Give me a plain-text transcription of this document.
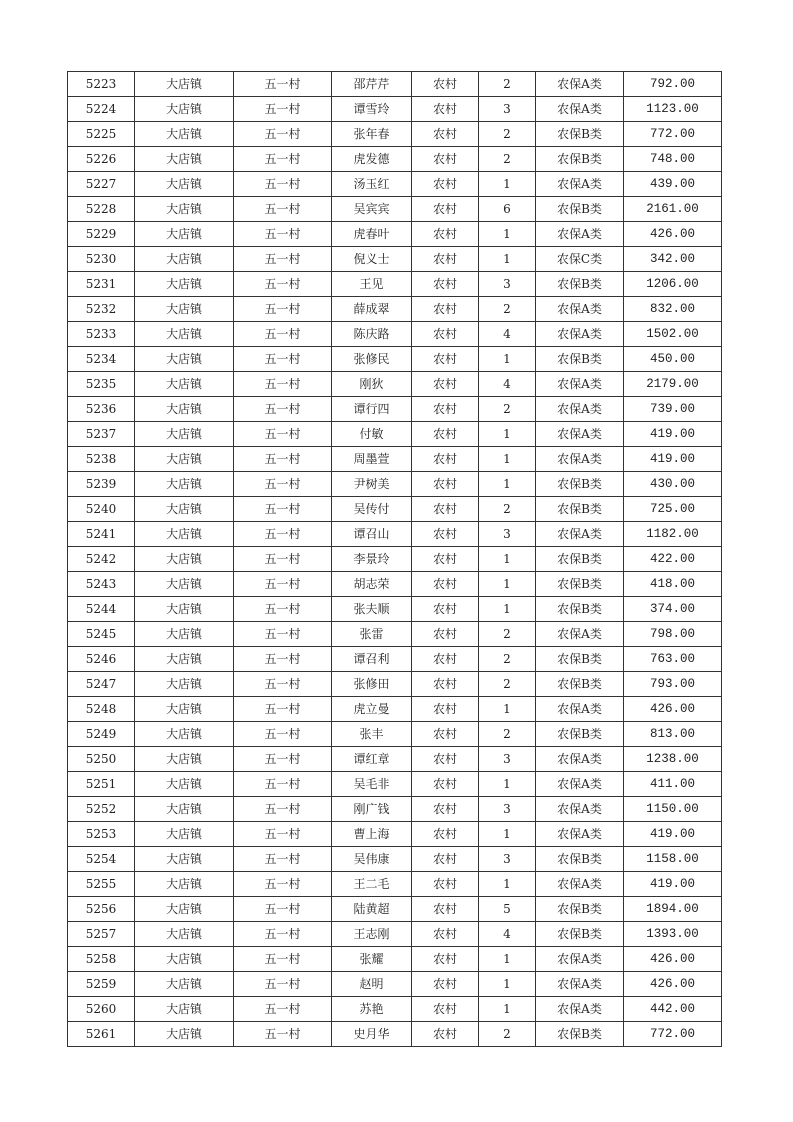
5223	大店镇	五一村	邵芹芹	农村	2	农保A类	792.00
5224	大店镇	五一村	谭雪玲	农村	3	农保A类	1123.00
5225	大店镇	五一村	张年春	农村	2	农保B类	772.00
5226	大店镇	五一村	虎发德	农村	2	农保B类	748.00
5227	大店镇	五一村	汤玉红	农村	1	农保A类	439.00
5228	大店镇	五一村	吴宾宾	农村	6	农保B类	2161.00
5229	大店镇	五一村	虎春叶	农村	1	农保A类	426.00
5230	大店镇	五一村	倪义士	农村	1	农保C类	342.00
5231	大店镇	五一村	王见	农村	3	农保B类	1206.00
5232	大店镇	五一村	薛成翠	农村	2	农保A类	832.00
5233	大店镇	五一村	陈庆路	农村	4	农保A类	1502.00
5234	大店镇	五一村	张修民	农村	1	农保B类	450.00
5235	大店镇	五一村	刚狄	农村	4	农保A类	2179.00
5236	大店镇	五一村	谭行四	农村	2	农保A类	739.00
5237	大店镇	五一村	付敏	农村	1	农保A类	419.00
5238	大店镇	五一村	周墨萱	农村	1	农保A类	419.00
5239	大店镇	五一村	尹树美	农村	1	农保B类	430.00
5240	大店镇	五一村	吴传付	农村	2	农保B类	725.00
5241	大店镇	五一村	谭召山	农村	3	农保A类	1182.00
5242	大店镇	五一村	李景玲	农村	1	农保B类	422.00
5243	大店镇	五一村	胡志荣	农村	1	农保B类	418.00
5244	大店镇	五一村	张夫顺	农村	1	农保B类	374.00
5245	大店镇	五一村	张雷	农村	2	农保A类	798.00
5246	大店镇	五一村	谭召利	农村	2	农保B类	763.00
5247	大店镇	五一村	张修田	农村	2	农保B类	793.00
5248	大店镇	五一村	虎立曼	农村	1	农保A类	426.00
5249	大店镇	五一村	张丰	农村	2	农保B类	813.00
5250	大店镇	五一村	谭红章	农村	3	农保A类	1238.00
5251	大店镇	五一村	吴毛非	农村	1	农保A类	411.00
5252	大店镇	五一村	刚广钱	农村	3	农保A类	1150.00
5253	大店镇	五一村	曹上海	农村	1	农保A类	419.00
5254	大店镇	五一村	吴伟康	农村	3	农保B类	1158.00
5255	大店镇	五一村	王二毛	农村	1	农保A类	419.00
5256	大店镇	五一村	陆黄超	农村	5	农保B类	1894.00
5257	大店镇	五一村	王志刚	农村	4	农保B类	1393.00
5258	大店镇	五一村	张耀	农村	1	农保A类	426.00
5259	大店镇	五一村	赵明	农村	1	农保A类	426.00
5260	大店镇	五一村	苏艳	农村	1	农保A类	442.00
5261	大店镇	五一村	史月华	农村	2	农保B类	772.00
